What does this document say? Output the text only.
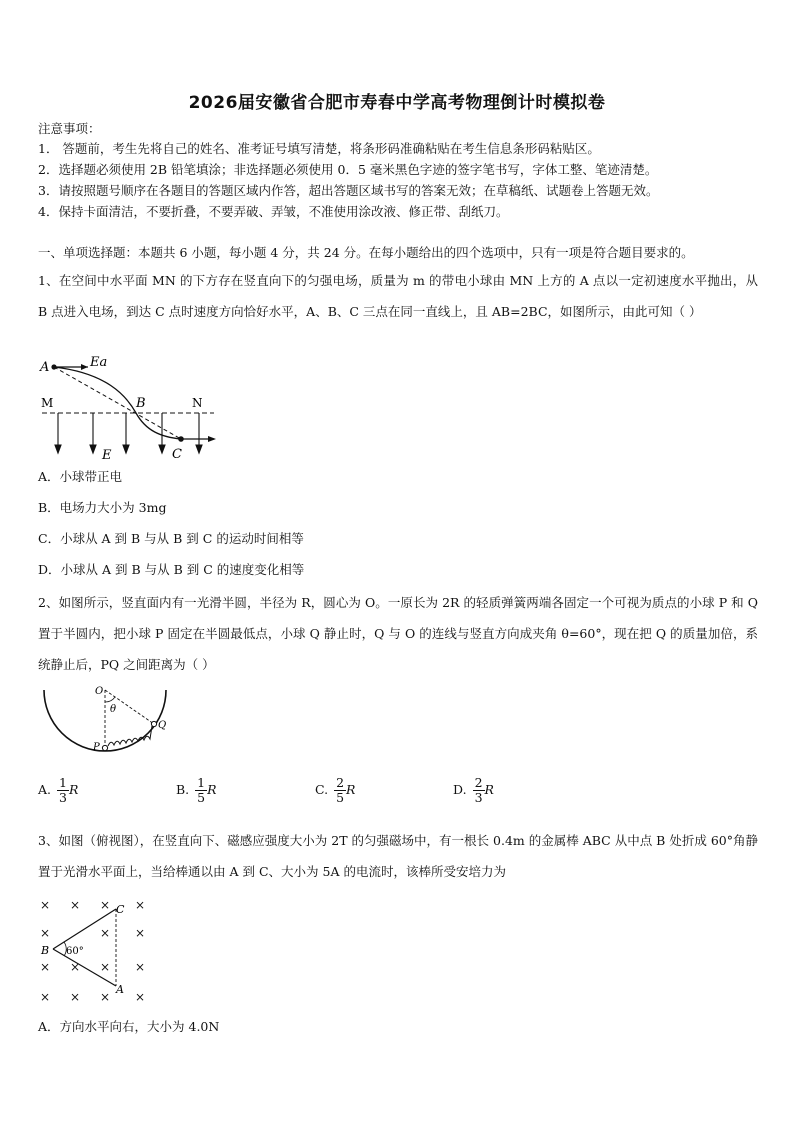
2026届安徽省合肥市寿春中学高考物理倒计时模拟卷
注意事项：
1． 答题前，考生先将自己的姓名、准考证号填写清楚，将条形码准确粘贴在考生信息条形码粘贴区。
2．选择题必须使用 2B 铅笔填涂；非选择题必须使用 0．5 毫米黑色字迹的签字笔书写，字体工整、笔迹清楚。
3．请按照题号顺序在各题目的答题区域内作答，超出答题区域书写的答案无效；在草稿纸、试题卷上答题无效。
4．保持卡面清洁，不要折叠，不要弄破、弄皱，不准使用涂改液、修正带、刮纸刀。
一、单项选择题：本题共 6 小题，每小题 4 分，共 24 分。在每小题给出的四个选项中，只有一项是符合题目要求的。
1、在空间中水平面 MN 的下方存在竖直向下的匀强电场，质量为 m 的带电小球由 MN 上方的 A 点以一定初速度水平抛出，从 B 点进入电场，到达 C 点时速度方向恰好水平，A、B、C 三点在同一直线上，且 AB=2BC，如图所示，由此可知（ ）
A	Ea
M	B	N
E	C
A．小球带正电
B．电场力大小为 3mg
C．小球从 A 到 B 与从 B 到 C 的运动时间相等
D．小球从 A 到 B 与从 B 到 C 的速度变化相等
2、如图所示，竖直面内有一光滑半圆，半径为 R，圆心为 O。一原长为 2R 的轻质弹簧两端各固定一个可视为质点的小球 P 和 Q 置于半圆内，把小球 P 固定在半圆最低点，小球 Q 静止时，Q 与 O 的连线与竖直方向成夹角 θ=60°，现在把 Q 的质量加倍，系统静止后，PQ 之间距离为（ ）
O
θ
Q
P
A. $\frac{1}{3}$ R	B. $\frac{1}{5}$ R	C. $\frac{2}{5}$ R	D. $\frac{2}{3}$ R
3、如图（俯视图），在竖直向下、磁感应强度大小为 2T 的匀强磁场中，有一根长 0.4m 的金属棒 ABC 从中点 B 处折成 60°角静置于光滑水平面上，当给棒通以由 A 到 C、大小为 5A 的电流时，该棒所受安培力为
× × × ×
×	× ×
× × × ×
× × × ×
C
B 60°
A
A．方向水平向右，大小为 4.0N
